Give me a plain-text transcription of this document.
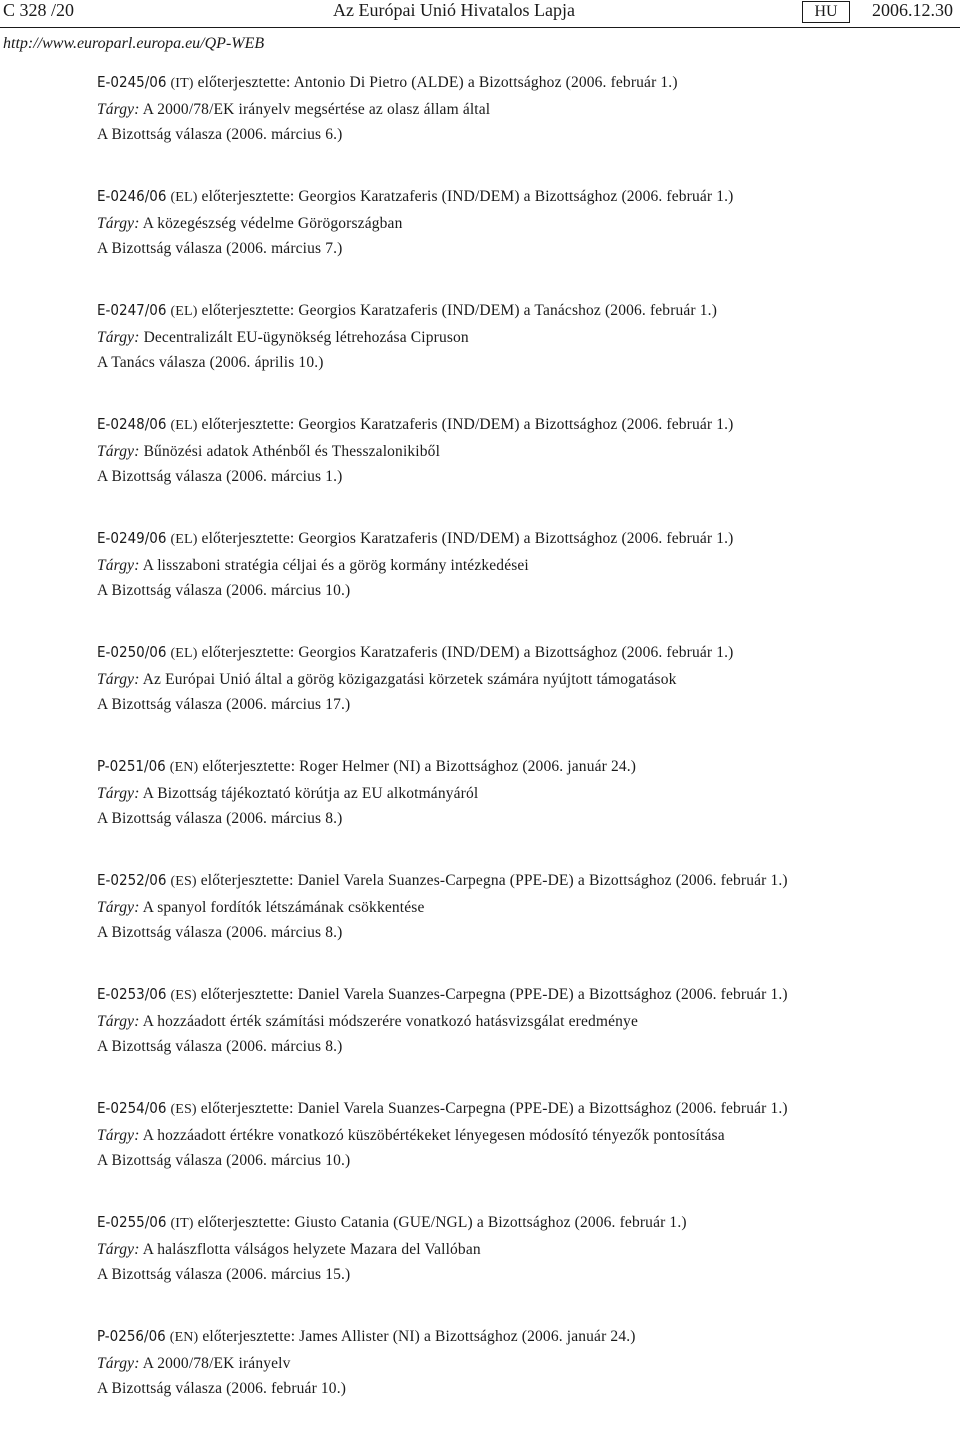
C 328 /20	Az Európai Unió Hivatalos Lapja	HU	2006.12.30
http://www.europarl.europa.eu/QP-WEB
E-0245/06 (IT) előterjesztette: Antonio Di Pietro (ALDE) a Bizottsághoz (2006. február 1.)
Tárgy: A 2000/78/EK irányelv megsértése az olasz állam által
A Bizottság válasza (2006. március 6.)
E-0246/06 (EL) előterjesztette: Georgios Karatzaferis (IND/DEM) a Bizottsághoz (2006. február 1.)
Tárgy: A közegészség védelme Görögországban
A Bizottság válasza (2006. március 7.)
E-0247/06 (EL) előterjesztette: Georgios Karatzaferis (IND/DEM) a Tanácshoz (2006. február 1.)
Tárgy: Decentralizált EU-ügynökség létrehozása Cipruson
A Tanács válasza (2006. április 10.)
E-0248/06 (EL) előterjesztette: Georgios Karatzaferis (IND/DEM) a Bizottsághoz (2006. február 1.)
Tárgy: Bűnözési adatok Athénből és Thesszalonikiből
A Bizottság válasza (2006. március 1.)
E-0249/06 (EL) előterjesztette: Georgios Karatzaferis (IND/DEM) a Bizottsághoz (2006. február 1.)
Tárgy: A lisszaboni stratégia céljai és a görög kormány intézkedései
A Bizottság válasza (2006. március 10.)
E-0250/06 (EL) előterjesztette: Georgios Karatzaferis (IND/DEM) a Bizottsághoz (2006. február 1.)
Tárgy: Az Európai Unió által a görög közigazgatási körzetek számára nyújtott támogatások
A Bizottság válasza (2006. március 17.)
P-0251/06 (EN) előterjesztette: Roger Helmer (NI) a Bizottsághoz (2006. január 24.)
Tárgy: A Bizottság tájékoztató körútja az EU alkotmányáról
A Bizottság válasza (2006. március 8.)
E-0252/06 (ES) előterjesztette: Daniel Varela Suanzes-Carpegna (PPE-DE) a Bizottsághoz (2006. február 1.)
Tárgy: A spanyol fordítók létszámának csökkentése
A Bizottság válasza (2006. március 8.)
E-0253/06 (ES) előterjesztette: Daniel Varela Suanzes-Carpegna (PPE-DE) a Bizottsághoz (2006. február 1.)
Tárgy: A hozzáadott érték számítási módszerére vonatkozó hatásvizsgálat eredménye
A Bizottság válasza (2006. március 8.)
E-0254/06 (ES) előterjesztette: Daniel Varela Suanzes-Carpegna (PPE-DE) a Bizottsághoz (2006. február 1.)
Tárgy: A hozzáadott értékre vonatkozó küszöbértékeket lényegesen módosító tényezők pontosítása
A Bizottság válasza (2006. március 10.)
E-0255/06 (IT) előterjesztette: Giusto Catania (GUE/NGL) a Bizottsághoz (2006. február 1.)
Tárgy: A halászflotta válságos helyzete Mazara del Vallóban
A Bizottság válasza (2006. március 15.)
P-0256/06 (EN) előterjesztette: James Allister (NI) a Bizottsághoz (2006. január 24.)
Tárgy: A 2000/78/EK irányelv
A Bizottság válasza (2006. február 10.)
